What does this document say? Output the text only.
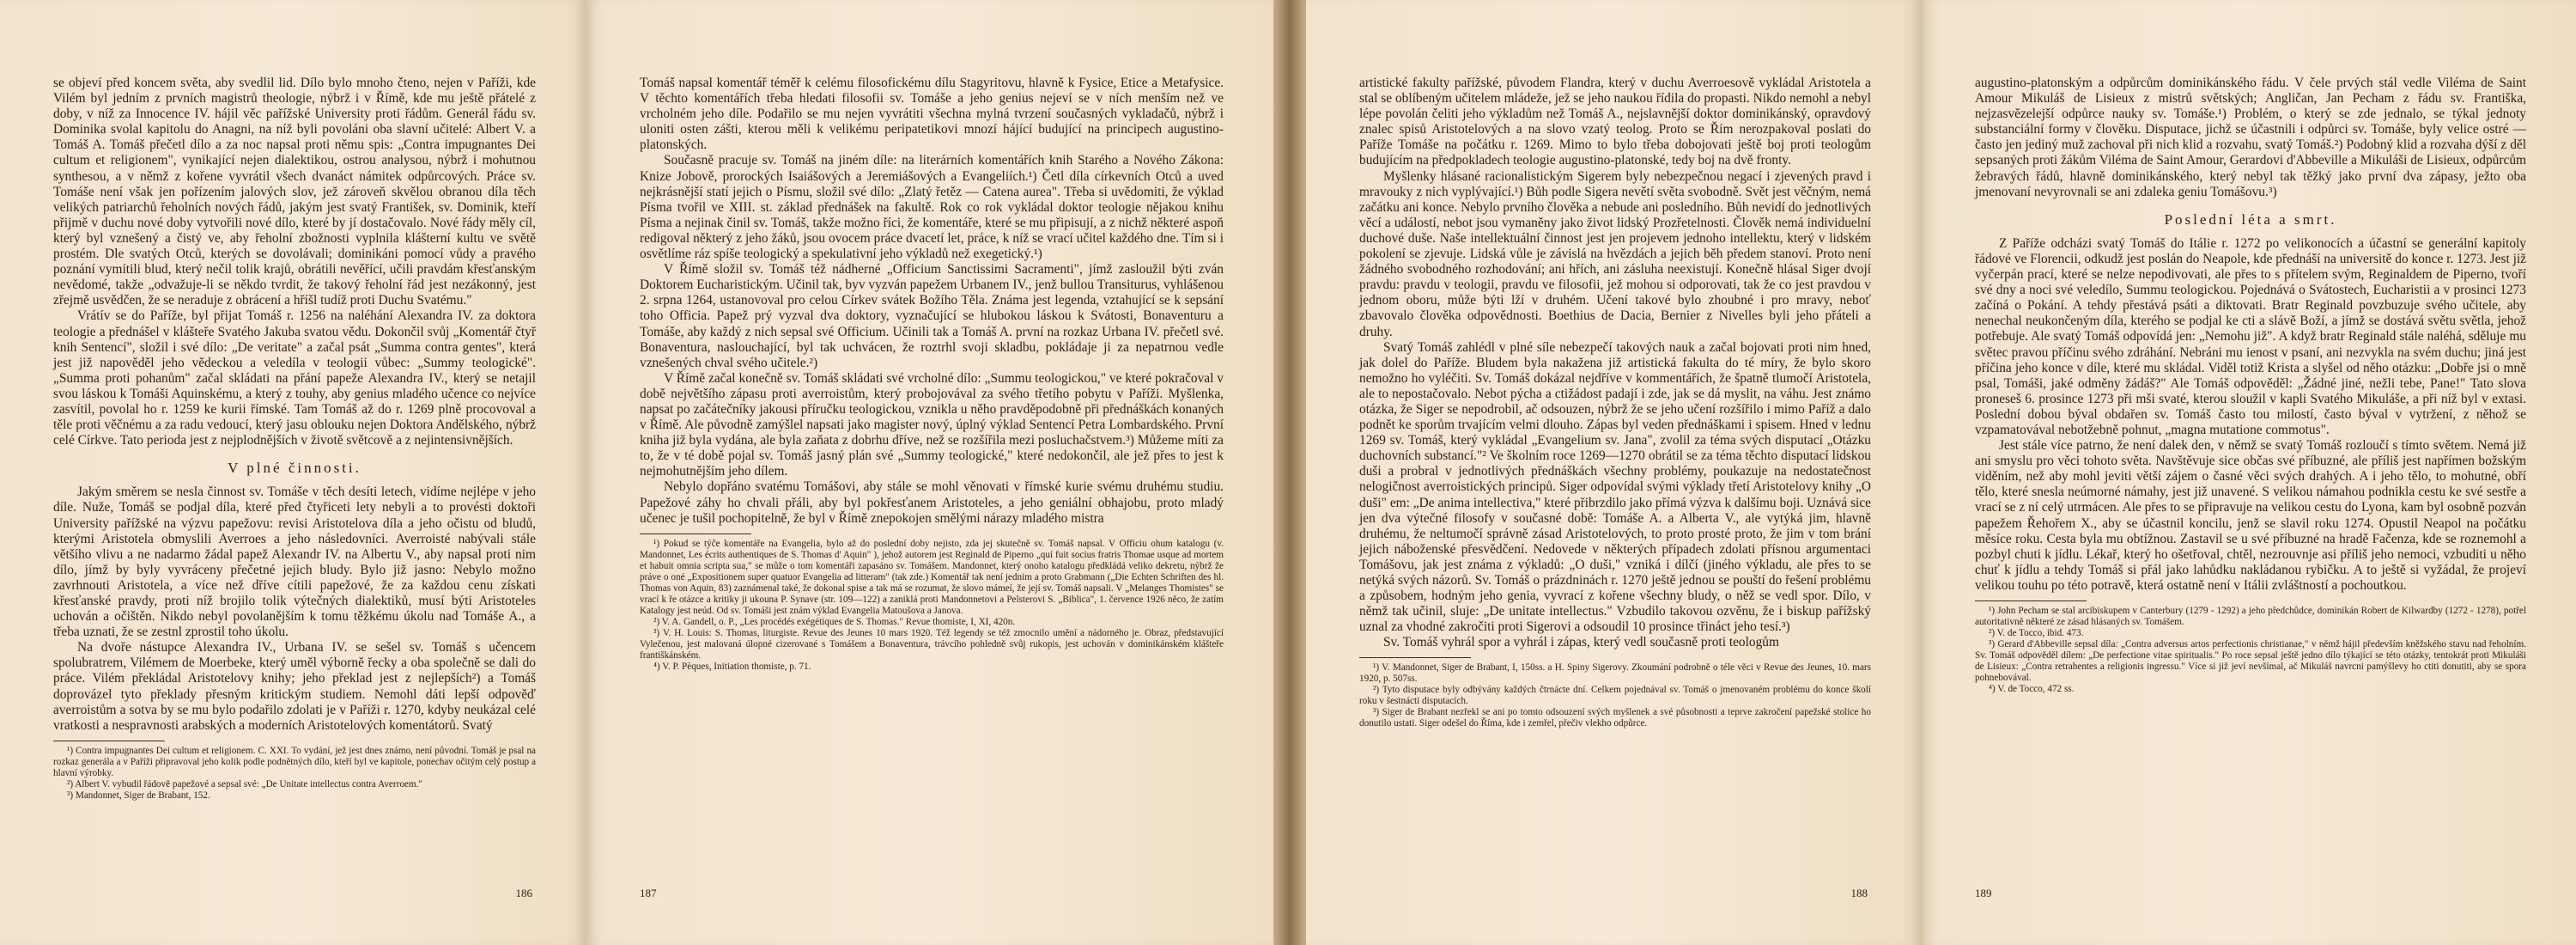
se objeví před koncem světa, aby svedlil lid. Dílo bylo mnoho čteno, nejen v Paříži, kde Vilém byl jedním z prvních magistrů theologie, nýbrž i v Římě, kde mu ještě přátelé z doby, v níž za Innocence IV. hájil věc pařížské University proti řádům. Generál řádu sv. Dominika svolal kapitolu do Anagni, na níž byli povoláni oba slavní učitelé: Albert V. a Tomáš A. Tomáš přečetl dílo a za noc napsal proti němu spis: „Contra impugnantes Dei cultum et religionem", vynikající nejen dialektikou, ostrou analysou, nýbrž i mohutnou synthesou, a v němž z kořene vyvrátil všech dvanáct námitek odpůrcových. Práce sv. Tomáše není však jen pořízením jalových slov, jež zároveň skvělou obranou díla těch velikých patriarchů řeholních nových řádů, jakým jest svatý František, sv. Dominik, kteří přijmě v duchu nové doby vytvořili nové dílo, které by jí dostačovalo. Nové řády měly cíl, který byl vznešený a čistý ve, aby řeholní zbožnosti vyplnila klášterní kultu ve světě prostém. Dle svatých Otců, kterých se dovolávali; dominikáni pomocí vůdy a pravého poznání vymítili blud, který nečil tolik krajů, obrátili nevěřící, učili pravdám křesťanským nevědomé, takže „odvažuje-li se někdo tvrdit, že takový řeholní řád jest nezákonný, jest zřejmě usvědčen, že se neraduje z obrácení a hříšl tudíž proti Duchu Svatému."

Vrátív se do Paříže, byl přijat Tomáš r. 1256 na naléhání Alexandra IV. za doktora teologie a přednášel v klášteře Svatého Jakuba svatou vědu. Dokončil svůj „Komentář čtyř knih Sentencí", složil i své dílo: „De veritate" a začal psát „Summa contra gentes", která jest již napověděl jeho vědeckou a veledíla v teologii vůbec: „Summy teologické". „Summa proti pohanům" začal skládati na přání papeže Alexandra IV., který se netajil svou láskou k Tomáši Aquinskému, a který z touhy, aby genius mladého učence co nejvíce zasvítil, povolal ho r. 1259 ke kurii římské. Tam Tomáš až do r. 1269 plně procovoval a těle proti věčnému a za radu vedoucí, který jasu oblouku nejen Doktora Andělského, nýbrž celé Církve. Tato perioda jest z nejplodnějších v životě světcově a z nejintensivnějších.

V plné činnosti.

Jakým směrem se nesla činnost sv. Tomáše v těch desíti letech, vidíme nejlépe v jeho díle. Nuže, Tomáš se podjal díla, které před čtyřiceti lety nebyli a to provésti doktoři University pařížské na výzvu papežovu: revisi Aristotelova díla a jeho očistu od bludů, kterými Aristotela obmyslili Averroes a jeho následovníci. Averroisté nabývali stále většího vlivu a ne nadarmo žádal papež Alexandr IV. na Albertu V., aby napsal proti nim dílo, jímž by byly vyvráceny přečetné jejich bludy. Bylo již jasno: Nebylo možno zavrhnouti Aristotela, a více než dříve cítili papežové, že za každou cenu získati křesťanské pravdy, proti níž brojilo tolik výtečných dialektiků, musí býti Aristoteles uchován a očištěn. Nikdo nebyl povolanějším k tomu těžkému úkolu nad Tomáše A., a třeba uznati, že se zestnl zprostil toho úkolu.

Na dvoře nástupce Alexandra IV., Urbana IV. se sešel sv. Tomáš s učencem spolubratrem, Vilémem de Moerbeke, který uměl výborně řecky a oba společně se dali do práce. Vilém překládal Aristotelovy knihy; jeho překlad jest z nejlepších²) a Tomáš doprovázel tyto překlady přesným kritickým studiem. Nemohl dáti lepší odpověď averroistům a sotva by se mu bylo podařilo zdolati je v Paříži r. 1270, kdyby neukázal celé vratkosti a nespravnosti arabských a moderních Aristotelových komentátorů. Svatý

¹) Contra impugnantes Dei cultum et religionem. C. XXI. To vydání, jež jest dnes známo, není původní. Tomáš je psal na rozkaz generála a v Paříži připravoval jeho kolik podle podnětných dílo, kteří byl ve kapitole, ponechav očitým celý postup a hlavní výrobky.

²) Albert V. vybudil řádově papežové a sepsal své: „De Unitate intellectus contra Averroem."

³) Mandonnet, Siger de Brabant, 152.

186

Tomáš napsal komentář téměř k celému filosofickému dílu Stagyritovu, hlavně k Fysice, Etice a Metafysice. V těchto komentářích třeba hledati filosofii sv. Tomáše a jeho genius nejeví se v ních menším než ve vrcholném jeho díle. Podařilo se mu nejen vyvrátiti všechna mylná tvrzení současných vykladačů, nýbrž i uloniti osten zášti, kterou měli k velikému peripatetikovi mnozí hájící budující na principech augustino-platonských.

Současně pracuje sv. Tomáš na jiném díle: na literárních komentářích knih Starého a Nového Zákona: Knize Jobově, prorockých Isaiášových a Jeremiášových a Evangeliích.¹) Četl díla církevních Otců a uved nejkrásnější statí jejich o Písmu, složil své dílo: „Zlatý řetěz — Catena aurea". Třeba si uvědomiti, že výklad Písma tvořil ve XIII. st. základ přednášek na fakultě. Rok co rok vykládal doktor teologie nějakou knihu Písma a nejinak činil sv. Tomáš, takže možno říci, že komentáře, které se mu připisují, a z nichž některé aspoň redigoval některý z jeho žáků, jsou ovocem práce dvacetí let, práce, k níž se vrací učitel každého dne. Tím si i osvětlíme ráz spíše teologický a spekulativní jeho výkladů než exegetický.¹)

V Římě složil sv. Tomáš též nádherné „Officium Sanctissimi Sacramenti", jímž zasloužil býti zván Doktorem Eucharistickým. Učinil tak, byv vyzván papežem Urbanem IV., jenž bullou Transiturus, vyhlášenou 2. srpna 1264, ustanovoval pro celou Církev svátek Božího Těla. Známa jest legenda, vztahující se k sepsání toho Officia. Papež prý vyzval dva doktory, vyznačující se hlubokou láskou k Svátosti, Bonaventuru a Tomáše, aby každý z nich sepsal své Officium. Učinili tak a Tomáš A. první na rozkaz Urbana IV. přečetl své. Bonaventura, naslouchající, byl tak uchvácen, že roztrhl svoji skladbu, pokládaje ji za nepatrnou vedle vznešených chval svého učitele.²)

V Římě začal konečně sv. Tomáš skládati své vrcholné dílo: „Summu teologickou," ve které pokračoval v době největšího zápasu proti averroistům, který probojovával za svého třetího pobytu v Paříži. Myšlenka, napsat po začátečníky jakousi příručku teologickou, vznikla u něho pravděpodobně při přednáškách konaných v Římě. Ale původně zamýšlel napsati jako magister nový, úplný výklad Sentencí Petra Lombardského. První kniha již byla vydána, ale byla zaňata z dobrhu dříve, než se rozšířila mezi posluchačstvem.³) Můžeme míti za to, že v té době pojal sv. Tomáš jasný plán své „Summy teologické," které nedokončil, ale jež přes to jest k nejmohutnějším jeho dílem.

Nebylo dopřáno svatému Tomášovi, aby stále se mohl věnovati v římské kurie svému druhému studiu. Papežové záhy ho chvali přáli, aby byl pokřesťanem Aristoteles, a jeho geniální obhajobu, proto mladý učenec je tušil pochopitelně, že byl v Římě znepokojen smělými nárazy mladého mistra

¹) Pokud se týče komentáře na Evangelia, bylo až do poslední doby nejisto, zda jej skutečně sv. Tomáš napsal. V Officiu ohum katalogu (v. Mandonnet, Les écrits authentiques de S. Thomas d' Aquin" ), jehož autorem jest Reginald de Piperno „quí fuit socius fratris Thomae usque ad mortem et habuit omnia scripta sua," se může o tom komentáři zapasáno sv. Tomášem. Mandonnet, který onoho katalogu předkládá veliko dekretu, nýbrž že práve o oné „Expositionem super quatuor Evangelia ad litteram" (tak zde.) Komentář tak není jednim a proto Grabmann („Die Echten Schriften des hl. Thomas von Aquin, 83) zaznámenal také, že dokonal spise a tak má se rozumat, že slovo mámeí, že její sv. Tomáš napsali. V „Melanges Thomistes" se vrací k ře otázce a kritiky ji ukouna P. Synave (str. 109—122) a zaniklá proti Mandonnetovi a Pelsterovi S. „Biblica", 1. července 1926 něco, že zatím Katalogy jest neúd. Od sv. Tomáši jest znám výklad Evangelia Matoušova a Janova.

²) V. A. Gandell, o. P., „Les procédés exégétiques de S. Thomas." Revue thomiste, I, XI, 420n.

³) V. H. Louis: S. Thomas, liturgiste. Revue des Jeunes 10 mars 1920. Též legendy se též zmocnilo umění a nádorného je. Obraz, představující Vylečenou, jest malovaná úlopné cizerované s Tomášem a Bonaventura, trávcího pohledně svůj rukopis, jest uchován v dominikánském klášteře františkánském.

⁴) V. P. Pèques, Initiation thomiste, p. 71.

187

artistické fakulty pařížské, původem Flandra, který v duchu Averroesově vykládal Aristotela a stal se oblíbeným učitelem mládeže, jež se jeho naukou řídila do propasti. Nikdo nemohl a nebyl lépe povolán čeliti jeho výkladům než Tomáš A., nejslavnější doktor dominikánský, opravdový znalec spisů Aristotelových a na slovo vzatý teolog. Proto se Řím nerozpakoval poslati do Paříže Tomáše na počátku r. 1269. Mimo to bylo třeba dobojovati ještě boj proti teologům budujícím na předpokladech teologie augustino-platonské, tedy boj na dvě fronty.

Myšlenky hlásané racionalistickým Sigerem byly nebezpečnou negací i zjevených pravd i mravouky z nich vyplývající.¹) Bůh podle Sigera nevětí světa svobodně. Svět jest věčným, nemá začátku ani konce. Nebylo prvního člověka a nebude ani posledního. Bůh nevidí do jednotlivých věcí a událostí, nebot jsou vymaněny jako život lidský Prozřetelnosti. Člověk nemá individuelní duchové duše. Naše intellektuální činnost jest jen projevem jednoho intellektu, který v lidském pokolení se zjevuje. Lidská vůle je závislá na hvězdách a jejich běh předem stanoví. Proto není žádného svobodného rozhodování; ani hřích, ani zásluha neexistují. Konečně hlásal Siger dvojí pravdu: pravdu v teologii, pravdu ve filosofii, jež mohou si odporovati, tak že co jest pravdou v jednom oboru, může býti lží v druhém. Učení takové bylo zhoubné i pro mravy, neboť zbavovalo člověka odpovědnosti. Boethius de Dacia, Bernier z Nivelles byli jeho přáteli a druhy.

Svatý Tomáš zahlédl v plné síle nebezpečí takových nauk a začal bojovati proti nim hned, jak dolel do Paříže. Bludem byla nakažena již artistická fakulta do té míry, že bylo skoro nemožno ho vyléčiti. Sv. Tomáš dokázal nejdříve v kommentářích, že špatně tlumočí Aristotela, ale to nepostačovalo. Nebot pýcha a ctižádost padají i zde, jak se dá myslit, na váhu. Jest známo otázka, že Siger se nepodrobil, ač odsouzen, nýbrž že se jeho učení rozšířilo i mimo Paříž a dalo podnět ke sporům trvajícím velmi dlouho. Zápas byl veden přednáškami i spisem. Hned v lednu 1269 sv. Tomáš, který vykládal „Evangelium sv. Jana", zvolil za téma svých disputací „Otázku duchovních substancí."² Ve školním roce 1269—1270 obrátil se za téma těchto disputací lidskou duši a probral v jednotlivých přednáškách všechny problémy, poukazuje na nedostatečnost nelogičnost averroistických principů. Siger odpovídal svými výklady třetí Aristotelovy knihy „O duši" em: „De anima intellectiva," které přibrzdilo jako přímá výzva k dalšímu boji. Uznává sice jen dva výtečné filosofy v současné době: Tomáše A. a Alberta V., ale vytýká jim, hlavně druhému, že neltumočí správně zásad Aristotelových, to proto prosté proto, že jim v tom brání jejich náboženské přesvědčení. Nedovede v některých případech zdolati přísnou argumentaci Tomášovu, jak jest známa z výkladů: „O duši," vzniká i dílčí (jiného výkladu, ale přes to se netýká svých názorů. Sv. Tomáš o prázdninách r. 1270 ještě jednou se pouští do řešení problému a způsobem, hodným jeho genia, vyvrací z kořene všechny bludy, o něž se vedl spor. Dílo, v němž tak učinil, sluje: „De unitate intellectus." Vzbudilo takovou ozvěnu, že i biskup pařížský uznal za vhodné zakročiti proti Sigerovi a odsoudil 10 prosince třináct jeho tesí.³)

Sv. Tomáš vyhrál spor a vyhrál i zápas, který vedl současně proti teologům

¹) V. Mandonnet, Siger de Brabant, I, 150ss. a H. Spiny Sigerovy. Zkoumání podrobně o téle věci v Revue des Jeunes, 10. mars 1920, p. 507ss.

²) Tyto disputace byly odbývány každých čtrnácte dní. Celkem pojednával sv. Tomáš o jmenovaném problému do konce školí roku v šestnácti disputacích.

³) Siger de Brabant nezřekl se ani po tomto odsouzení svých myšlenek a své působnosti a teprve zakročení papežské stolice ho donutilo ustati. Siger odešel do Říma, kde i zemřel, přečiv vlekho odpůrce.

188

augustino-platonským a odpůrcům dominikánského řádu. V čele prvých stál vedle Viléma de Saint Amour Mikuláš de Lisieux z mistrů světských; Angličan, Jan Pecham z řádu sv. Františka, nejzasvězelejší odpůrce nauky sv. Tomáše.¹) Problém, o který se zde jednalo, se týkal jednoty substanciální formy v člověku. Disputace, jichž se účastnili i odpůrci sv. Tomáše, byly velice ostré — často jen jediný muž zachoval při nich klid a rozvahu, svatý Tomáš.²) Podobný klid a rozvaha dýší z děl sepsaných proti žákům Viléma de Saint Amour, Gerardovi d'Abbeville a Mikuláši de Lisieux, odpůrcům žebravých řádů, hlavně dominikánského, který nebyl tak těžký jako první dva zápasy, ježto oba jmenovaní nevyrovnali se ani zdaleka geniu Tomášovu.³)

Poslední léta a smrt.

Z Paříže odcházi svatý Tomáš do Itálie r. 1272 po velikonocích a účastní se generální kapitoly řádové ve Florencii, odkudž jest poslán do Neapole, kde přednáší na universitě do konce r. 1273. Jest již vyčerpán prací, které se nelze nepodivovati, ale přes to s přítelem svým, Reginaldem de Piperno, tvoří své dny a noci své veledílo, Summu teologickou. Pojednává o Svátostech, Eucharistii a v prosinci 1273 začíná o Pokání. A tehdy přestává psáti a diktovati. Bratr Reginald povzbuzuje svého učitele, aby nenechal neukončeným díla, kterého se podjal ke cti a slávě Boží, a jímž se dostává světu světla, jehož potřebuje. Ale svatý Tomáš odpovídá jen: „Nemohu již". A když bratr Reginald stále naléhá, sděluje mu světec pravou příčinu svého zdráhání. Nebráni mu ienost v psaní, ani nezvykla na svém duchu; jiná jest příčina jeho konce v díle, které mu skládal. Viděl totiž Krista a slyšel od něho otázku: „Dobře jsi o mně psal, Tomáši, jaké odměny žádáš?" Ale Tomáš odpověděl: „Žádné jiné, nežli tebe, Pane!" Tato slova proneseš 6. prosince 1273 při mši svaté, kterou sloužil v kapli Svatého Mikuláše, a při níž byl v extasi. Poslední dobou býval obdařen sv. Tomáš často tou milostí, často býval v vytržení, z něhož se vzpamatovával nebotžebně pohnut, „magna mutatione commotus".

Jest stále více patrno, že není dalek den, v němž se svatý Tomáš rozloučí s tímto světem. Nemá již ani smyslu pro věci tohoto světa. Navštěvuje sice občas své příbuzné, ale příliš jest napřímen božským viděním, než aby mohl jeviti větší zájem o časné věci svých drahých. A i jeho tělo, to mohutné, obří tělo, které snesla neúmorné námahy, jest již unavené. S velikou námahou podnikla cestu ke své sestře a vrací se z ní celý utrmácen. Ale přes to se připravuje na velikou cestu do Lyona, kam byl osobně pozván papežem Řehořem X., aby se účastnil koncilu, jenž se slavil roku 1274. Opustil Neapol na počátku měsíce roku. Cesta byla mu obtížnou. Zastavil se u své příbuzné na hradě Fačenza, kde se roznemohl a pozbyl chuti k jídlu. Lékař, který ho ošetřoval, chtěl, nezrouvnje asi příliš jeho nemoci, vzbuditi u něho chuť k jídlu a tehdy Tomáš si přál jako lahůdku nakládanou rybičku. A to ještě si vyžádal, že projeví velikou touhu po této potravě, která ostatně není v Itálii zvláštností a pochoutkou.

¹) John Pecham se stal arcibiskupem v Canterbury (1279 - 1292) a jeho předchůdce, dominikán Robert de Kilwardby (1272 - 1278), potřel autoritativně některé ze zásad hlásaných sv. Tomášem.

²) V. de Tocco, ibid. 473.

³) Gerard d'Abbeville sepsal díla: „Contra adversus artos perfectionis christianae," v němž hájil především kněžského stavu nad řeholním. Sv. Tomáš odpověděl dílem: „De perfectione vitae spiritualis." Po roce sepsal ještě jedno dílo týkající se této otázky, tentokrát proti Mikuláši de Lisieux: „Contra retrahentes a religionis ingressu." Více si již jeví nevšímal, ač Mikuláš navrcni pamýšlevy ho ctiti donutiti, aby se spora pohnebovával.

⁴) V. de Tocco, 472 ss.

189
